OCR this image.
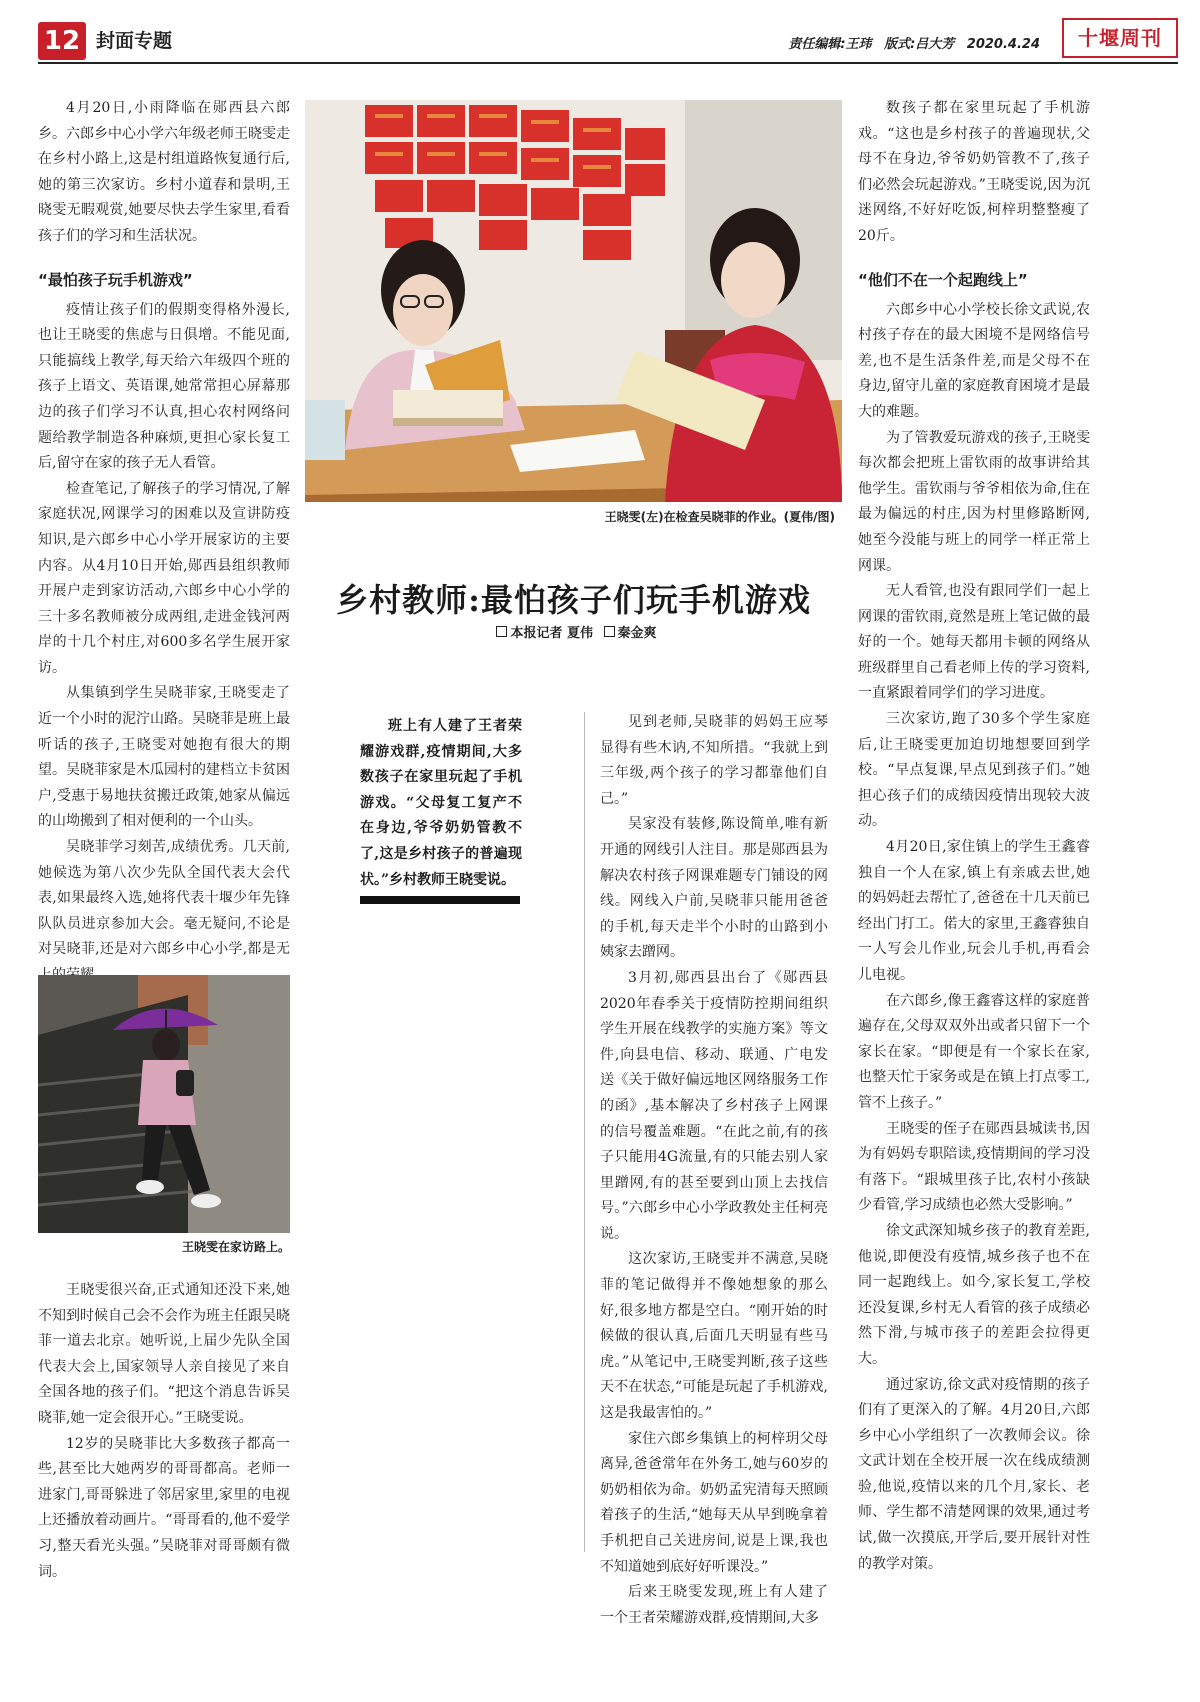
12 封面专题	责任编辑:王玮 版式:吕大芳 2020.4.24	十堰周刊

4月20日,小雨降临在郧西县六郎乡。六郎乡中心小学六年级老师王晓雯走在乡村小路上,这是村组道路恢复通行后,她的第三次家访。乡村小道春和景明,王晓雯无暇观赏,她要尽快去学生家里,看看孩子们的学习和生活状况。

“最怕孩子玩手机游戏”

疫情让孩子们的假期变得格外漫长,也让王晓雯的焦虑与日俱增。不能见面,只能搞线上教学,每天给六年级四个班的孩子上语文、英语课,她常常担心屏幕那边的孩子们学习不认真,担心农村网络问题给教学制造各种麻烦,更担心家长复工后,留守在家的孩子无人看管。

检查笔记,了解孩子的学习情况,了解家庭状况,网课学习的困难以及宣讲防疫知识,是六郎乡中心小学开展家访的主要内容。从4月10日开始,郧西县组织教师开展户走到家访活动,六郎乡中心小学的三十多名教师被分成两组,走进金钱河两岸的十几个村庄,对600多名学生展开家访。

从集镇到学生吴晓菲家,王晓雯走了近一个小时的泥泞山路。吴晓菲是班上最听话的孩子,王晓雯对她抱有很大的期望。吴晓菲家是木瓜园村的建档立卡贫困户,受惠于易地扶贫搬迁政策,她家从偏远的山坳搬到了相对便利的一个山头。

吴晓菲学习刻苦,成绩优秀。几天前,她候选为第八次少先队全国代表大会代表,如果最终入选,她将代表十堰少年先锋队队员进京参加大会。毫无疑问,不论是对吴晓菲,还是对六郎乡中心小学,都是无

王晓雯在家访路上。

王晓雯很兴奋,正式通知还没下来,她不知到时候自己会不会作为班主任跟吴晓菲一道去北京。她听说,上届少先队全国代表大会上,国家领导人亲自接见了来自全国各地的孩子们。“把这个消息告诉吴晓菲,她一定会很开心。”王晓雯说。

12岁的吴晓菲比大多数孩子都高一些,甚至比大她两岁的哥哥都高。老师一进家门,哥哥躲进了邻居家里,家里的电视上还播放着动画片。“哥哥看的,他不爱学习,整天看光头强。”吴晓菲对哥哥颇有微词。

王晓雯(左)在检查吴晓菲的作业。(夏伟/图)
乡村教师:最怕孩子们玩手机游戏
本报记者 夏伟 秦金爽
班上有人建了王者荣耀游戏群,疫情期间,大多数孩子在家里玩起了手机游戏。“父母复工复产不在身边,爷爷奶奶管教不了,这是乡村孩子的普遍现状。”乡村教师王晓雯说。

见到老师,吴晓菲的妈妈王应琴显得有些木讷,不知所措。“我就上到三年级,两个孩子的学习都靠他们自己。”

吴家没有装修,陈设简单,唯有新开通的网线引人注目。那是郧西县为解决农村孩子网课难题专门铺设的网线。网线入户前,吴晓菲只能用爸爸的手机,每天走半个小时的山路到小姨家去蹭网。

3月初,郧西县出台了《郧西县2020年春季关于疫情防控期间组织学生开展在线教学的实施方案》等文件,向县电信、移动、联通、广电发送《关于做好偏远地区网络服务工作的函》,基本解决了乡村孩子上网课的信号覆盖难题。“在此之前,有的孩子只能用4G流量,有的只能去别人家里蹭网,有的甚至要到山顶上去找信号。”六郎乡中心小学政教处主任柯亮说。

这次家访,王晓雯并不满意,吴晓菲的笔记做得并不像她想象的那么好,很多地方都是空白。“刚开始的时候做的很认真,后面几天明显有些马虎。”从笔记中,王晓雯判断,孩子这些天不在状态,“可能是玩起了手机游戏,这是我最害怕的。”

家住六郎乡集镇上的柯梓玥父母离异,爸爸常年在外务工,她与60岁的奶奶相依为命。奶奶孟宪清每天照顾着孩子的生活,“她每天从早到晚拿着手机把自己关进房间,说是上课,我也不知道她到底好好听课没。”

后来王晓雯发现,班上有人建了一个王者荣耀游戏群,疫情期间,大多

数孩子都在家里玩起了手机游戏。“这也是乡村孩子的普遍现状,父母不在身边,爷爷奶奶管教不了,孩子们必然会玩起游戏。”王晓雯说,因为沉迷网络,不好好吃饭,柯梓玥整整瘦了20斤。

“他们不在一个起跑线上”

六郎乡中心小学校长徐文武说,农村孩子存在的最大困境不是网络信号差,也不是生活条件差,而是父母不在身边,留守儿童的家庭教育困境才是最大的难题。

为了管教爱玩游戏的孩子,王晓雯每次都会把班上雷钦雨的故事讲给其他学生。雷钦雨与爷爷相依为命,住在最为偏远的村庄,因为村里修路断网,她至今没能与班上的同学一样正常上网课。

无人看管,也没有跟同学们一起上网课的雷钦雨,竟然是班上笔记做的最好的一个。她每天都用卡顿的网络从班级群里自己看老师上传的学习资料,一直紧跟着同学们的学习进度。

三次家访,跑了30多个学生家庭后,让王晓雯更加迫切地想要回到学校。“早点复课,早点见到孩子们。”她担心孩子们的成绩因疫情出现较大波动。

4月20日,家住镇上的学生王鑫睿独自一个人在家,镇上有亲戚去世,她的妈妈赶去帮忙了,爸爸在十几天前已经出门打工。偌大的家里,王鑫睿独自一人写会儿作业,玩会儿手机,再看会儿电视。

在六郎乡,像王鑫睿这样的家庭普遍存在,父母双双外出或者只留下一个家长在家。“即便是有一个家长在家,也整天忙于家务或是在镇上打点零工,管不上孩子。”

王晓雯的侄子在郧西县城读书,因为有妈妈专职陪读,疫情期间的学习没有落下。“跟城里孩子比,农村小孩缺少看管,学习成绩也必然大受影响。”

徐文武深知城乡孩子的教育差距,他说,即便没有疫情,城乡孩子也不在同一起跑线上。如今,家长复工,学校还没复课,乡村无人看管的孩子成绩必然下滑,与城市孩子的差距会拉得更大。

通过家访,徐文武对疫情期的孩子们有了更深入的了解。4月20日,六郎乡中心小学组织了一次教师会议。徐文武计划在全校开展一次在线成绩测验,他说,疫情以来的几个月,家长、老师、学生都不清楚网课的效果,通过考试,做一次摸底,开学后,要开展针对性的教学对策。
